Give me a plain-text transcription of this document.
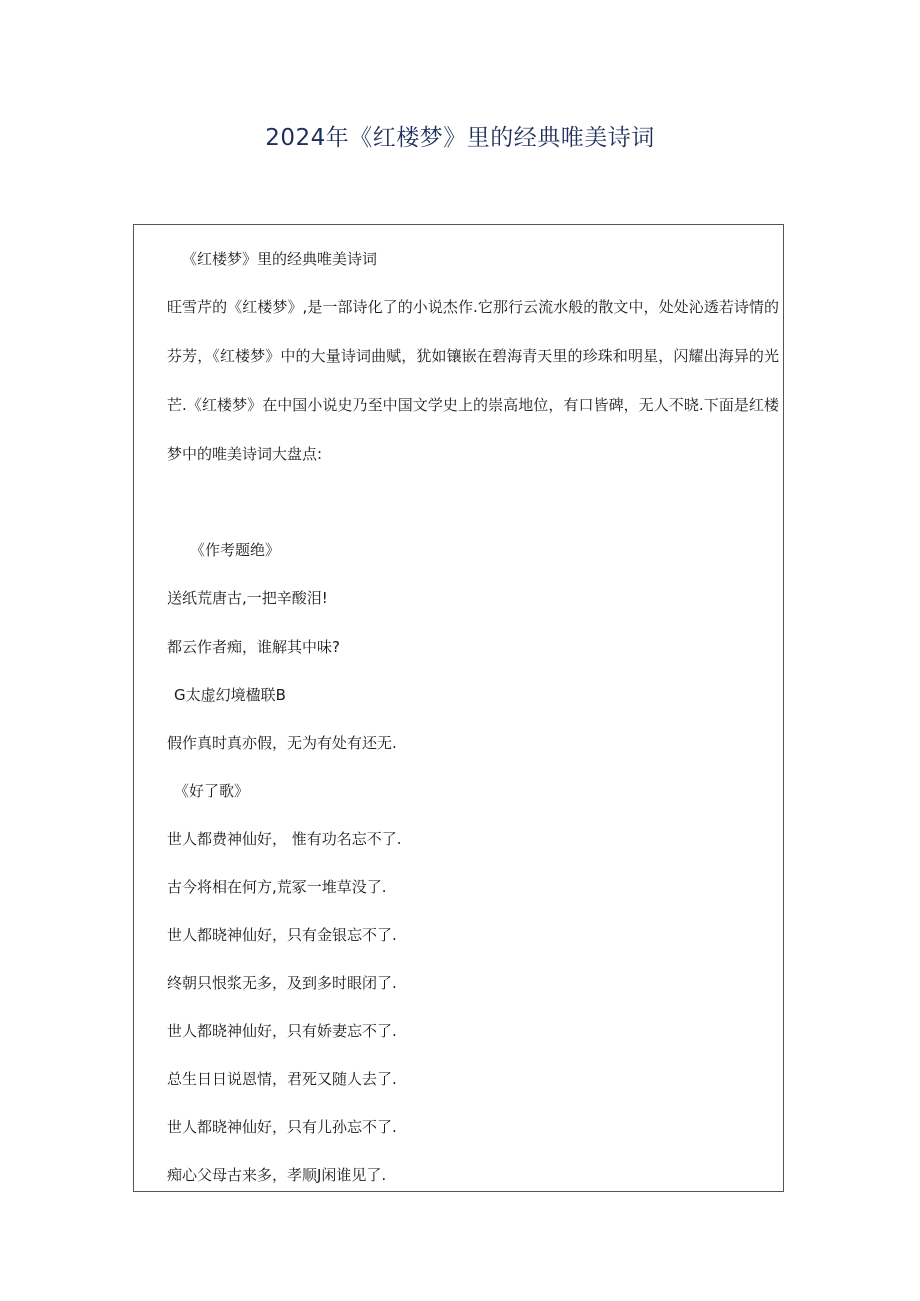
2024年《红楼梦》里的经典唯美诗词
《红楼梦》里的经典唯美诗词
旺雪芹的《红楼梦》,是一部诗化了的小说杰作.它那行云流水般的散文中，处处沁透若诗情的芬芳，《红楼梦》中的大量诗词曲赋，犹如镶嵌在碧海青天里的珍珠和明星，闪耀出海异的光芒.《红楼梦》在中国小说史乃至中国文学史上的崇高地位，有口皆碑，无人不晓.下面是红楼梦中的唯美诗词大盘点:
《作考题绝》
送纸荒唐古,一把辛酸泪!
都云作者痴，谁解其中味?
G太虚幻境楹联B
假作真时真亦假，无为有处有还无.
《好了歌》
世人都费神仙好， 惟有功名忘不了.
古今将相在何方,荒冢一堆草没了.
世人都晓神仙好，只有金银忘不了.
终朝只恨浆无多，及到多时眼闭了.
世人都晓神仙好，只有娇妻忘不了.
总生日日说恩情，君死又随人去了.
世人都晓神仙好，只有儿孙忘不了.
痴心父母古来多，孝顺J闲谁见了.
